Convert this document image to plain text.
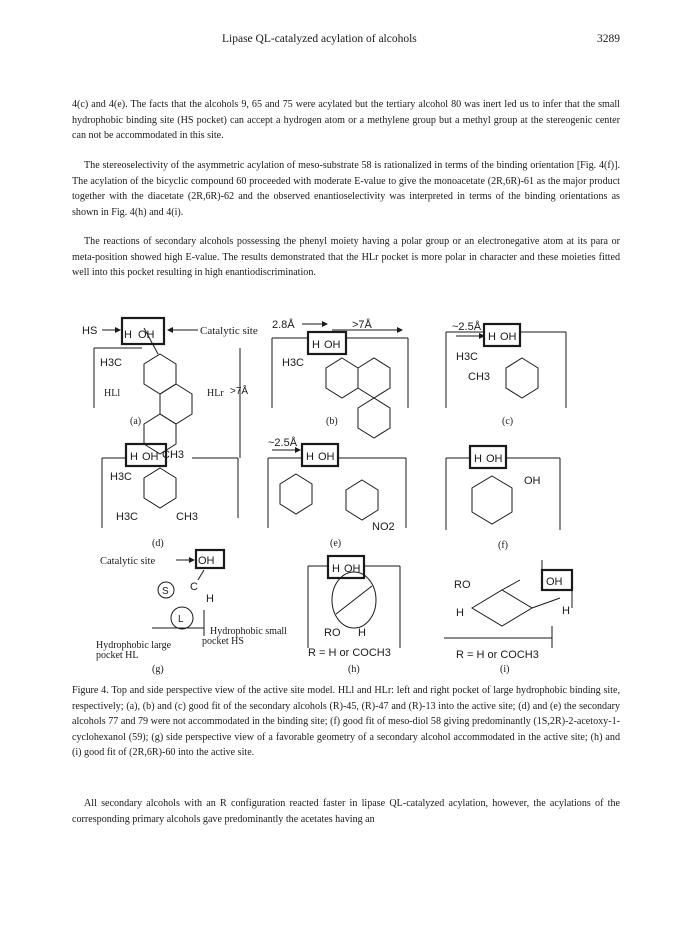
Lipase QL-catalyzed acylation of alcohols	3289

4(c) and 4(e). The facts that the alcohols 9, 65 and 75 were acylated but the tertiary alcohol 80 was inert led us to infer that the small hydrophobic binding site (HS pocket) can accept a hydrogen atom or a methylene group but a methyl group at the stereogenic center can not be accommodated in this site.

The stereoselectivity of the asymmetric acylation of meso-substrate 58 is rationalized in terms of the binding orientation [Fig. 4(f)]. The acylation of the bicyclic compound 60 proceeded with moderate E-value to give the monoacetate (2R,6R)-61 as the major product together with the diacetate (2R,6R)-62 and the observed enantioselectivity was interpreted in terms of the binding orientations as shown in Fig. 4(h) and 4(i).

The reactions of secondary alcohols possessing the phenyl moiety having a polar group or an electronegative atom at its para or meta-position showed high E-value. The results demonstrated that the HLr pocket is more polar in character and these moieties fitted well into this pocket resulting in high enantiodiscrimination.

HS H OH	Catalytic site
H3C
HLl	HLr >7Å
(a)
2.8Å	>7Å
H OH
H3C
(b)
~2.5Å
H OH
H3C
CH3
(c)
H OH CH3
H3C
H3C	CH3
(d)
~2.5Å
H OH
NO2
(e)
H OH
OH
(f)
Catalytic site	OH
C
S
H
L
Hydrophobic small
pocket HS
Hydrophobic large
pocket HL
(g)
H OH
RO H
R = H or COCH3
(h)
OH
RO
H	H
R = H or COCH3
(i)

Figure 4. Top and side perspective view of the active site model. HLl and HLr: left and right pocket of large hydrophobic binding site, respectively; (a), (b) and (c) good fit of the secondary alcohols (R)-45, (R)-47 and (R)-13 into the active site; (d) and (e) the secondary alcohols 77 and 79 were not accommodated in the binding site; (f) good fit of meso-diol 58 giving predominantly (1S,2R)-2-acetoxy-1-cyclohexanol (59); (g) side perspective view of a favorable geometry of a secondary alcohol accommodated in the active site; (h) and (i) good fit of (2R,6R)-60 into the active site.

All secondary alcohols with an R configuration reacted faster in lipase QL-catalyzed acylation, however, the acylations of the corresponding primary alcohols gave predominantly the acetates having an
